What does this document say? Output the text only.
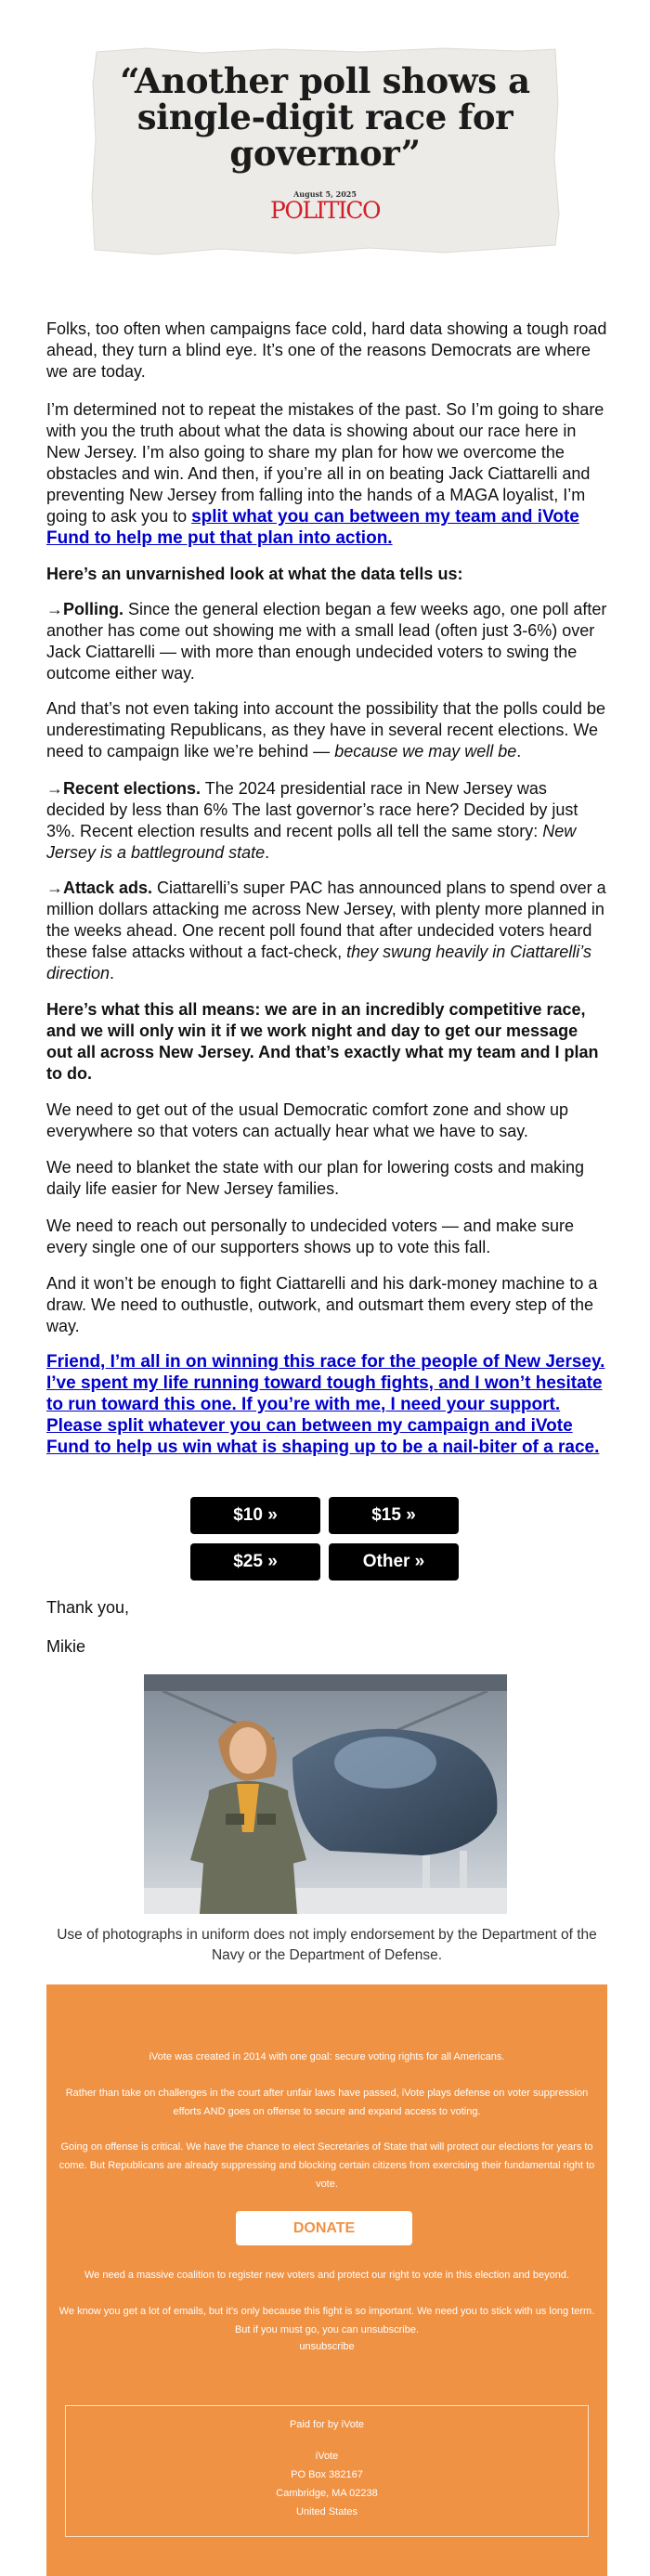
“Another poll shows a single-digit race for governor”
August 5, 2025
POLITICO

Folks, too often when campaigns face cold, hard data showing a tough road ahead, they turn a blind eye. It’s one of the reasons Democrats are where we are today.

I’m determined not to repeat the mistakes of the past. So I’m going to share with you the truth about what the data is showing about our race here in New Jersey. I’m also going to share my plan for how we overcome the obstacles and win. And then, if you’re all in on beating Jack Ciattarelli and preventing New Jersey from falling into the hands of a MAGA loyalist, I’m going to ask you to split what you can between my team and iVote Fund to help me put that plan into action.

Here’s an unvarnished look at what the data tells us:

→Polling. Since the general election began a few weeks ago, one poll after another has come out showing me with a small lead (often just 3-6%) over Jack Ciattarelli — with more than enough undecided voters to swing the outcome either way.

And that’s not even taking into account the possibility that the polls could be underestimating Republicans, as they have in several recent elections. We need to campaign like we’re behind — because we may well be.

→Recent elections. The 2024 presidential race in New Jersey was decided by less than 6% The last governor’s race here? Decided by just 3%. Recent election results and recent polls all tell the same story: New Jersey is a battleground state.

→Attack ads. Ciattarelli’s super PAC has announced plans to spend over a million dollars attacking me across New Jersey, with plenty more planned in the weeks ahead. One recent poll found that after undecided voters heard these false attacks without a fact-check, they swung heavily in Ciattarelli’s direction.

Here’s what this all means: we are in an incredibly competitive race, and we will only win it if we work night and day to get our message out all across New Jersey. And that’s exactly what my team and I plan to do.

We need to get out of the usual Democratic comfort zone and show up everywhere so that voters can actually hear what we have to say.

We need to blanket the state with our plan for lowering costs and making daily life easier for New Jersey families.

We need to reach out personally to undecided voters — and make sure every single one of our supporters shows up to vote this fall.

And it won’t be enough to fight Ciattarelli and his dark-money machine to a draw. We need to outhustle, outwork, and outsmart them every step of the way.

Friend, I’m all in on winning this race for the people of New Jersey. I’ve spent my life running toward tough fights, and I won’t hesitate to run toward this one. If you’re with me, I need your support. Please split whatever you can between my campaign and iVote Fund to help us win what is shaping up to be a nail-biter of a race.
$10 »	$15 »
$25 »	Other »

Thank you,

Mikie

Use of photographs in uniform does not imply endorsement by the Department of the Navy or the Department of Defense.
iVote was created in 2014 with one goal: secure voting rights for all Americans.
Rather than take on challenges in the court after unfair laws have passed, iVote plays defense on voter suppression efforts AND goes on offense to secure and expand access to voting.
Going on offense is critical. We have the chance to elect Secretaries of State that will protect our elections for years to come. But Republicans are already suppressing and blocking certain citizens from exercising their fundamental right to vote.
We need a massive coalition to register new voters and protect our right to vote in this election and beyond.
We know you get a lot of emails, but it’s only because this fight is so important. We need you to stick with us long term. But if you must go, you can unsubscribe.
unsubscribe
DONATE
Paid for by iVote
iVote
PO Box 382167
Cambridge, MA 02238
United States
